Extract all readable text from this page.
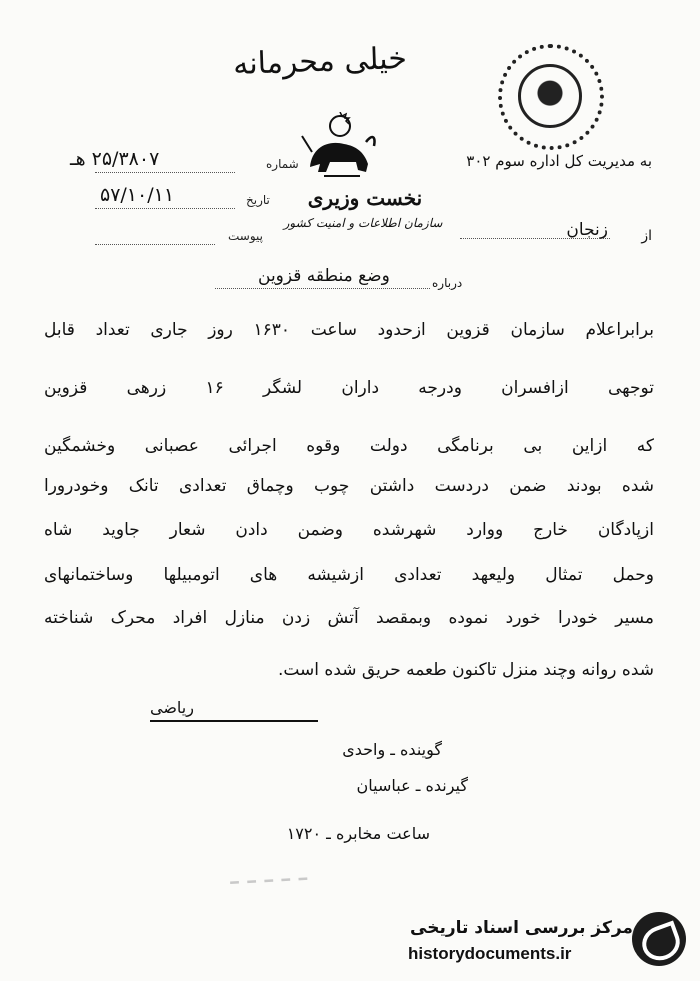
خیلی محرمانه
نخست وزیری
سازمان اطلاعات و امنیت کشور
به مدیریت کل اداره سوم ۳۰۲
از
زنجان
شماره
۲۵/۳۸۰۷ هـ
تاریخ
۵۷/۱۰/۱۱
پیوست
درباره
وضع منطقه قزوین
برابراعلام سازمان قزوین ازحدود ساعت ۱۶۳۰ روز جاری تعداد قابل
توجهی ازافسران ودرجه داران لشگر ۱۶ زرهی قزوین
که ازاین بی برنامگی دولت وقوه اجرائی عصبانی وخشمگین
شده بودند ضمن دردست داشتن چوب وچماق تعدادی تانک وخودرورا
ازپادگان خارج ووارد شهرشده وضمن دادن شعار جاوید شاه
وحمل تمثال ولیعهد تعدادی ازشیشه های اتومبیلها وساختمانهای
مسیر خودرا خورد نموده وبمقصد آتش زدن منازل افراد محرک شناخته
شده روانه وچند منزل تاکنون طعمه حریق شده است.
ریاضی
گوینده ـ واحدی
گیرنده ـ عباسیان
ساعت مخابره ـ ۱۷۲۰
ـ ـ ـ ـ ـ
مرکز بررسی اسناد تاریخی
historydocuments.ir
